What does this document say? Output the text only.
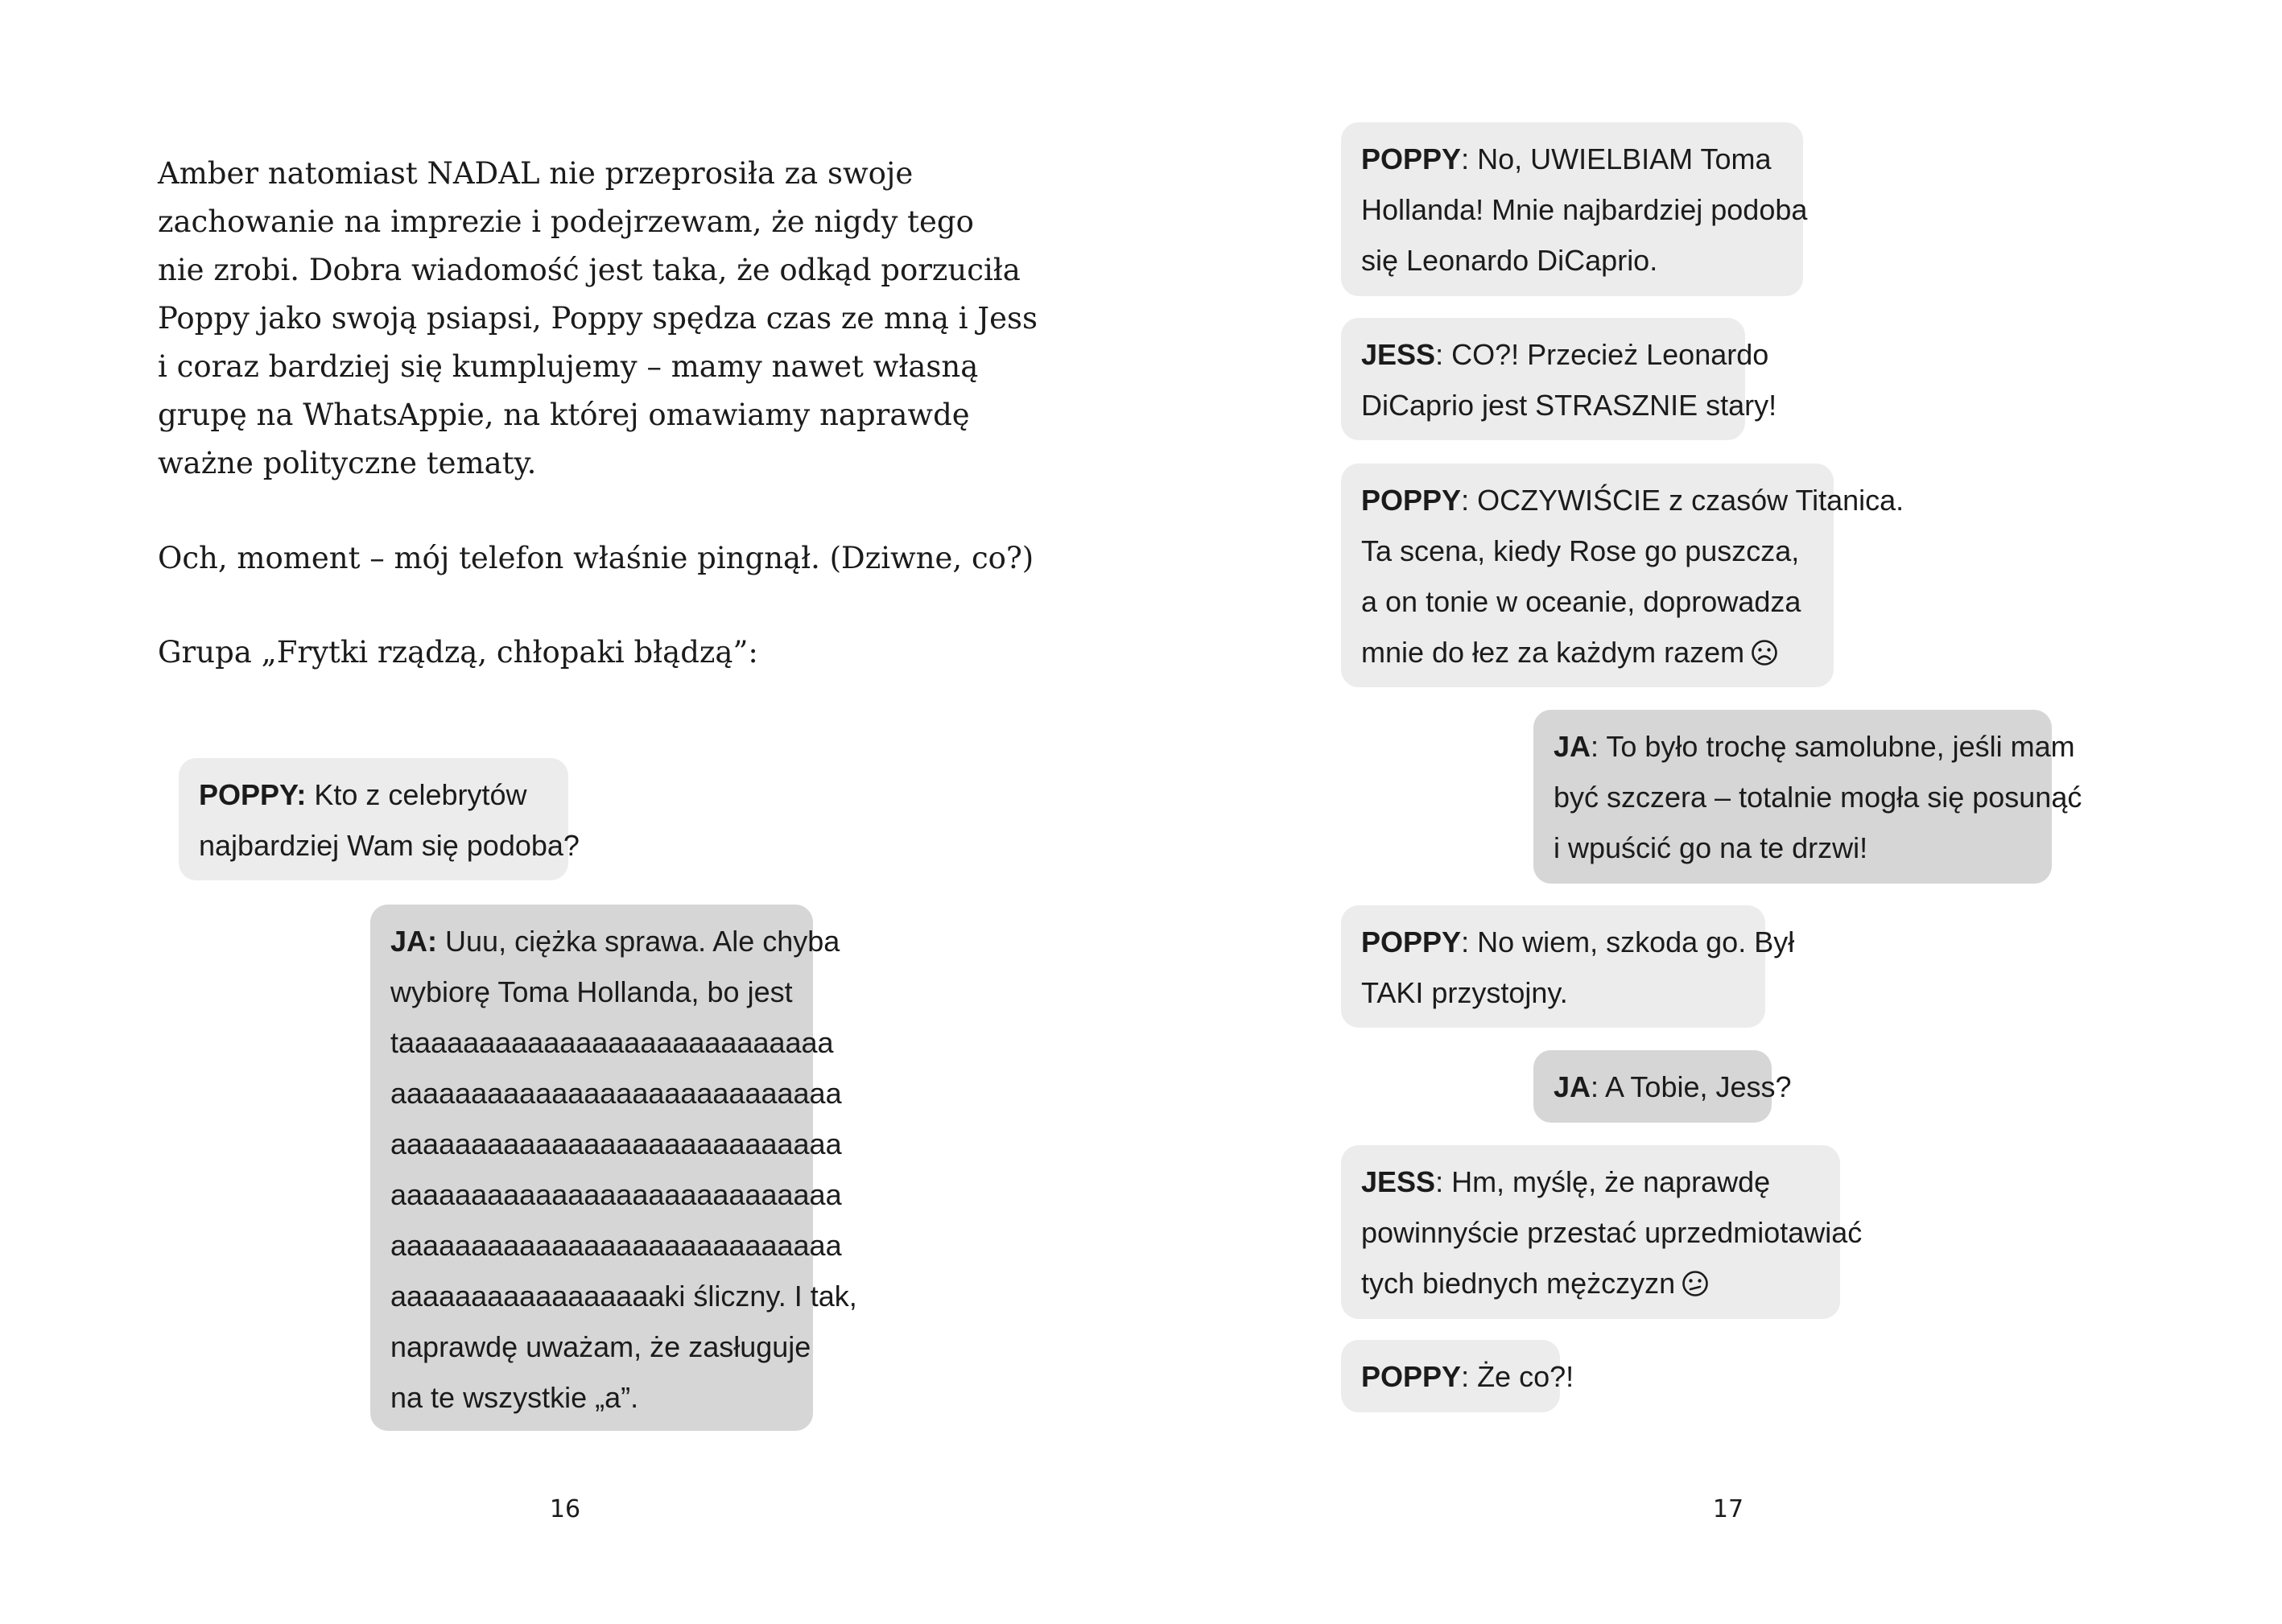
Amber natomiast NADAL nie przeprosiła za swoje
zachowanie na imprezie i podejrzewam, że nigdy tego
nie zrobi. Dobra wiadomość jest taka, że odkąd porzuciła
Poppy jako swoją psiapsi, Poppy spędza czas ze mną i Jess
i coraz bardziej się kumplujemy – mamy nawet własną
grupę na WhatsAppie, na której omawiamy naprawdę
ważne polityczne tematy.

Och, moment – mój telefon właśnie pingnął. (Dziwne, co?)

Grupa „Frytki rządzą, chłopaki błądzą”:

POPPY: Kto z celebrytów
najbardziej Wam się podoba?
JA: Uuu, ciężka sprawa. Ale chyba
wybiorę Toma Hollanda, bo jest
taaaaaaaaaaaaaaaaaaaaaaaaaaa
aaaaaaaaaaaaaaaaaaaaaaaaaaaa
aaaaaaaaaaaaaaaaaaaaaaaaaaaa
aaaaaaaaaaaaaaaaaaaaaaaaaaaa
aaaaaaaaaaaaaaaaaaaaaaaaaaaa
aaaaaaaaaaaaaaaaaki śliczny. I tak,
naprawdę uważam, że zasługuje
na te wszystkie „a”.
16
POPPY: No, UWIELBIAM Toma
Hollanda! Mnie najbardziej podoba
się Leonardo DiCaprio.
JESS: CO?! Przecież Leonardo
DiCaprio jest STRASZNIE stary!
POPPY: OCZYWIŚCIE z czasów Titanica.
Ta scena, kiedy Rose go puszcza,
a on tonie w oceanie, doprowadza
mnie do łez za każdym razem
JA: To było trochę samolubne, jeśli mam
być szczera – totalnie mogła się posunąć
i wpuścić go na te drzwi!
POPPY: No wiem, szkoda go. Był
TAKI przystojny.
JA: A Tobie, Jess?
JESS: Hm, myślę, że naprawdę
powinnyście przestać uprzedmiotawiać
tych biednych mężczyzn
POPPY: Że co?!
17
